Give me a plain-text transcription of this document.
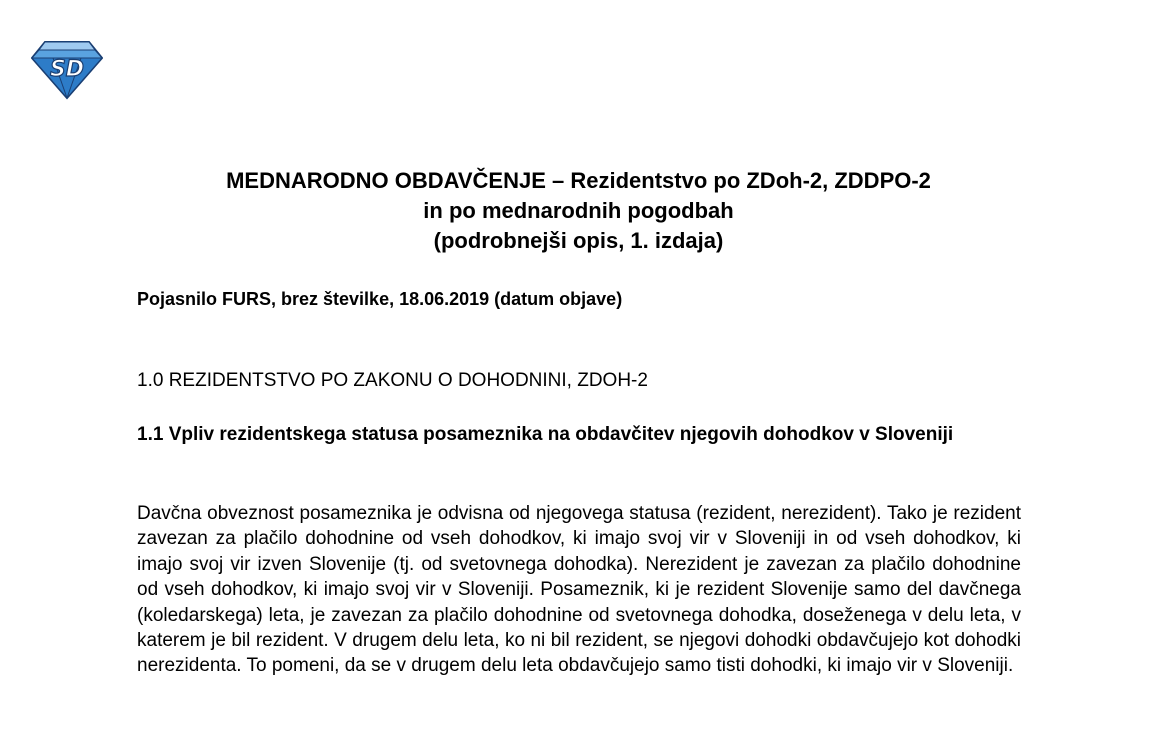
SD
MEDNARODNO OBDAVČENJE – Rezidentstvo po ZDoh-2, ZDDPO-2
in po mednarodnih pogodbah
(podrobnejši opis, 1. izdaja)
Pojasnilo FURS, brez številke, 18.06.2019 (datum objave)
1.0 REZIDENTSTVO PO ZAKONU O DOHODNINI, ZDOH-2
1.1 Vpliv rezidentskega statusa posameznika na obdavčitev njegovih dohodkov v Sloveniji

Davčna obveznost posameznika je odvisna od njegovega statusa (rezident, nerezident). Tako je rezident zavezan za plačilo dohodnine od vseh dohodkov, ki imajo svoj vir v Sloveniji in od vseh dohodkov, ki imajo svoj vir izven Slovenije (tj. od svetovnega dohodka). Nerezident je zavezan za plačilo dohodnine od vseh dohodkov, ki imajo svoj vir v Sloveniji. Posameznik, ki je rezident Slovenije samo del davčnega (koledarskega) leta, je zavezan za plačilo dohodnine od svetovnega dohodka, doseženega v delu leta, v katerem je bil rezident. V drugem delu leta, ko ni bil rezident, se njegovi dohodki obdavčujejo kot dohodki nerezidenta. To pomeni, da se v drugem delu leta obdavčujejo samo tisti dohodki, ki imajo vir v Sloveniji.
